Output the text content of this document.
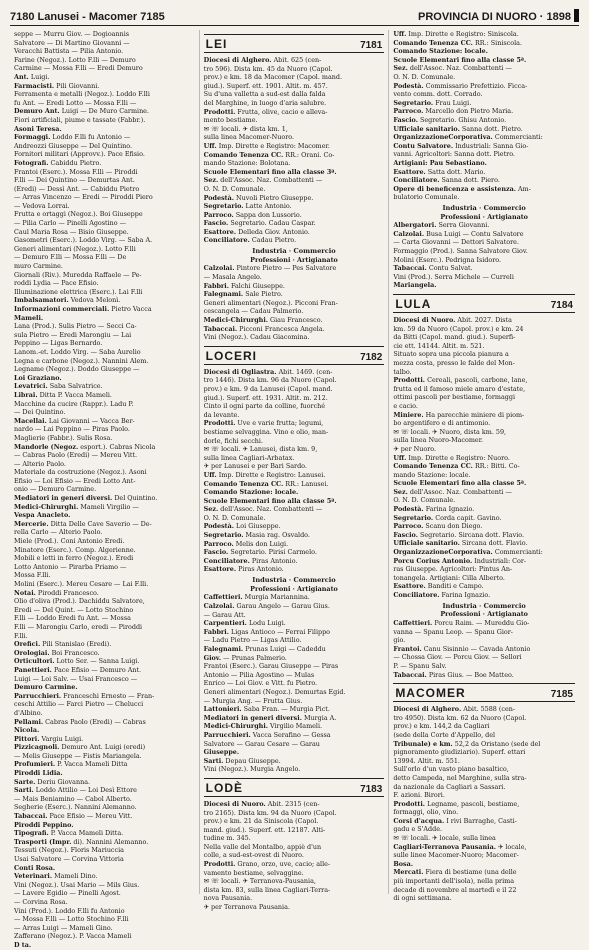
7180 Lanusei - Macomer 7185	PROVINCIA DI NUORO · 1898
seppe — Murru Giov. — Dogioannis
Salvatore — Di Martino Giovanni —
Veracchi Battista — Pilia Antonio.
Farine (Negoz.). Lotto F.lli — Demuro
Carmine — Mossa F.lli — Eredi Demuro
Ant. Luigi.
Farmacisti. Pili Giovanni.
Ferramenta e metalli (Negoz.). Loddo F.lli
fu Ant. — Eredi Lotto — Mossa F.lli —
Demuro Ant. Luigi — De Muro Carmine.
Fiori artificiali, piume e tassate (Fabbr.).
Asoni Teresa.
Formaggi. Loddo F.lli fu Antonio —
Andreozzi Giuseppe — Del Quintino.
Fornitori militari (Approvv.). Pace Efisio.
Fotografi. Cabiddu Pietro.
Frantoi (Eserc.). Mossa F.lli — Piroddi
F.lli — Dei Quintino — Demurtas Ant.
(Eredi) — Dessì Ant. — Cabiddu Pietro
— Arras Vincenzo — Eredi — Piroddi Piero
— Vedova Lorrai.
Frutta e ortaggi (Negoz.). Boi Giuseppe
— Pilia Carlo — Pinelli Agostino —
Caul Maria Rosa — Bisio Giuseppe.
Gasometri (Eserc.). Loddo Virg. — Saba A.
Generi alimentari (Negoz.). Lotto F.lli
— Demuro F.lli — Mossa F.lli — De
muro Carmine.
Giornali (Riv.). Muredda Raffaele — Pe-
roddi Lydia — Pace Efisio.
Illuminazione elettrica (Eserc.). Lai F.lli
Imbalsamatori. Vedova Melonì.
Informazioni commerciali. Pietro Vacca
Mameli.
Lana (Prod.). Sulis Pietro — Secci Ca-
sula Pietro — Eredi Marongiu — Lai
Peppino — Ligas Bernardo.
Lanom.-et. Loddo Virg. — Saba Aurelio
Legna e carbone (Negoz.). Nannini Alem.
Legname (Negoz.). Doddo Giuseppe —
Loi Graziano.
Levatrici. Saba Salvatrice.
Librai. Ditta P. Vacca Mameli.
Macchine da cucire (Rappr.). Ladu P.
— Dei Quintino.
Macellai. Lai Giovanni — Vacca Ber-
nardo — Lai Peppino — Piras Paolo.
Maglierie (Fabbr.). Sulis Rosa.
Mandorle (Negoz. esport.). Cabras Nicola
— Cabras Paolo (Eredi) — Mereu Vitt.
— Alterio Paolo.
Materiale da costruzione (Negoz.). Asoni
Efisio — Loi Efisio — Eredi Lotto Ant-
onio — Demuro Carmine.
Mediatori in generi diversi. Del Quintino.
Medici-Chirurghi. Mameli Virgilio —
Vespa Anacleto.
Mercerie. Ditta Delle Cave Saverio — De-
rella Carlo — Alterio Paolo.
Miele (Prod.). Coni Antonio Eredi.
Minatore (Eserc.). Comp. Algerienne.
Mobili e letti in ferro (Negoz.). Eredi
Lotto Antonio — Pirarba Priamo —
Mossa F.lli.
Molini (Eserc.). Mereu Cesare — Lai F.lli.
Notai. Piroddi Francesco.
Olio d'oliva (Prod.). Dachiddu Salvatore,
Eredi — Del Quint. — Lotto Stochino
F.lli — Loddo Eredi fu Ant. — Mossa
F.lli — Marongiu Carlo, eredi — Piroddi
F.lli.
Orefici. Pili Stanislao (Eredi).
Orologiai. Boi Francesco.
Orticultori. Lotto Ser. — Sanna Luigi.
Panettieri. Pace Efisio — Demuro Ant.
Luigi — Loi Salv. — Usai Francesco —
Demuro Carmine.
Parrucchieri. Franceschi Ernesto — Fran-
ceschi Attilio — Farci Pietro — Chelucci
d'Albino.
Pellami. Cabras Paolo (Eredi) — Cabras
Nicola.
Pittori. Vargiu Luigi.
Pizzicagnoli. Demuro Ant. Luigi (eredi)
— Melis Giuseppe — Fistis Mariangela.
Profumieri. P. Vacca Mameli Ditta
Piroddi Lidia.
Sarte. Deriu Giovanna.
Sarti. Loddo Attilio — Loi Desì Ettore
— Mais Beniamino — Cabol Alberto.
Segherie (Eserc.). Nannini Alemanno.
Tabaccai. Pace Efisio — Mereu Vitt.
Piroddi Peppino.
Tipografi. P. Vacca Mameli Ditta.
Trasporti (Impr. di). Nannini Alemanno.
Tessuti (Negoz.). Floris Mariuccia
Usai Salvatore — Corvina Vittoria
Conti Rosa.
Veterinari. Mameli Dino.
Vini (Negoz.). Usai Mario — Mils Gius.
— Lavere Egidio — Pinelli Agost.
— Corvina Rosa.
Vini (Prod.). Loddo F.lli fu Antonio
— Mossa F.lli — Lotto Stochino F.lli
— Arras Luigi — Mameli Gino.
Zafferano (Negoz.). P. Vacca Mameli
D ta.
LEI	7181
Diocesi di Alghero. Abit. 625 (cen-
tro 596). Dista km. 45 da Nuoro (Capol.
prov.) e km. 18 da Macomer (Capol. mand.
giud.). Superf. ett. 1901. Altit. m. 457.
Su d'una valletta a sud-est dalla falda
del Marghine, in luogo d'aria salubre.
Prodotti. Frutta, olive, cacio e alleva-
mento bestiame.
✉ ☏ locali. ✈ dista km. 1,
sulla linea Macomer-Nuoro.
Uff. Imp. Dirette e Registro: Macomer.
Comando Tenenza CC. RR.: Orani. Co-
mando Stazione: Bolotana.
Scuole Elementari fino alla classe 3ª.
Sez. dell'Assoc. Naz. Combattenti —
O. N. D. Comunale.
Podestà. Nuvoli Pietro Giuseppe.
Segretario. Latte Antonio.
Parroco. Sappa don Lussorio.
Fascio. Segretario. Cadau Caspar.
Esattore. Delleda Giov. Antonio.
Conciliatore. Cadau Pietro.
Industria · Commercio
Professioni · Artigianato
Calzolai. Pintore Pietro — Pes Salvatore
— Masala Angelo.
Fabbri. Falchi Giuseppe.
Falegnami. Sale Pietro.
Generi alimentari (Negoz.). Picconi Fran-
cescangela — Cadau Palmerio.
Medici-Chirurghi. Giau Francesco.
Tabaccai. Picconi Francesca Angela.
Vini (Negoz.). Cadau Giacomina.
LOCERI	7182
Diocesi di Ogliastra. Abit. 1469. (cen-
tro 1446). Dista km. 96 da Nuoro (Capol.
prov.) e km. 9 da Lanusei (Capol. mand.
giud.). Superf. ett. 1931. Altit. m. 212.
Cinto il ogni parte da colline, fuorché
da levante.
Prodotti. Uve e varie frutta; legumi,
bestiame selvaggina. Vino e olio, man-
dorle, fichi secchi.
✉ ☏ locali. ✈ Lanusei, dista km. 9,
sulla linea Cagliari-Arbatax.
✈ per Lanusei e per Bari Sardo.
Uff. Imp. Dirette e Registro: Lanusei.
Comando Tenenza CC. RR.: Lanusei.
Comando Stazione: locale.
Scuole Elementari fino alla classe 5ª.
Sez. dell'Assoc. Naz. Combattenti —
O. N. D. Comunale.
Podestà. Loi Giuseppe.
Segretario. Masia rag. Osvaldo.
Parroco. Melis don Luigi.
Fascio. Segretario. Pirisi Carmelo.
Conciliatore. Piras Antonio.
Esattore. Piras Antonio.
Industria · Commercio
Professioni · Artigianato
Caffettieri. Murgia Mariannina.
Calzolai. Garau Angelo — Garau Gius.
— Garau Att.
Carpentieri. Lodu Luigi.
Fabbri. Ligas Antioco — Ferrai Filippo
— Ladu Pietro — Ligas Attilio.
Falegnami. Prunas Luigi — Cadeddu
Giov. — Prunas Palmerio.
Frantoi (Eserc.). Garau Giuseppe — Piras
Antonio — Pilia Agostino — Mulas
Enrico — Loi Giov. e Vitt. fu Pietro.
Generi alimentari (Negoz.). Demurtas Egid.
— Murgia Ang. — Frutta Gius.
Lattonieri. Saba Fran. — Murgia Pict.
Mediatori in generi diversi. Murgia A.
Medici-Chirurghi. Virgilio Mameli.
Parrucchieri. Vacca Serafino — Gessa
Salvatore — Garau Cesare — Garau
Giuseppe.
Sarti. Depau Giuseppe.
Vini (Negoz.). Murgia Angelo.
LODÈ	7183
Diocesi di Nuoro. Abit. 2315 (cen-
tro 2165). Dista km. 94 da Nuoro (Capol.
prov.) e km. 21 da Siniscola (Capol.
mand. giud.). Superf. ett. 12187. Alti-
tudine m. 345.
Nella valle del Montalbo, appiè d'un
colle, a sud-est-ovest di Nuoro.
Prodotti. Grano, orzo, uve, cacio; alle-
vamento bestiame, selvaggine.
✉ ☏ locali. ✈ Terranova-Pausania,
dista km. 83, sulla linea Cagliari-Terra-
nova Pausania.
✈ per Terranova Pausania.
Uff. Imp. Dirette e Registro: Siniscola.
Comando Tenenza CC. RR.: Siniscola.
Comando Stazione: locale.
Scuole Elementari fino alla classe 5ª.
Sez. dell'Assoc. Naz. Combattenti —
O. N. D. Comunale.
Podestà. Commissario Prefettizio. Ficca-
vento comm. dott. Corrado.
Segretario. Frau Luigi.
Parroco. Marcello don Pietro Maria.
Fascio. Segretario. Ghisu Antonio.
Ufficiale sanitario. Sanna dott. Pietro.
OrganizzazioneCorporativa. Commercianti:
Contu Salvatore. Industriali: Sanna Gio-
vanni. Agricoltori: Sanna dott. Pietro.
Artigiani: Pau Sebastiano.
Esattore. Satta dott. Mario.
Conciliatore. Sanna dott. Piero.
Opere di beneficenza e assistenza. Am-
bulatorio Comunale.
Industria · Commercio
Professioni · Artigianato
Albergatori. Serra Giovanni.
Calzolai. Busa Luigi — Contu Salvatore
— Carta Giovanni — Dettori Salvatore.
Formaggio (Prod.). Sanna Salvatore Giov.
Molini (Eserc.). Pedrigna Isidoro.
Tabaccai. Contu Salvat.
Vini (Prod.). Serra Michele — Curreli
Mariangela.
LULA	7184
Diocesi di Nuoro. Abit. 2027. Dista
km. 59 da Nuoro (Capol. prov.) e km. 24
da Bitti (Capol. mand. giud.). Superfi-
cie ett. 14144. Altit. m. 521.
Situato sopra una piccola pianura a
mezza costa, presso le falde del Mon-
talbo.
Prodotti. Cereali, pascoli, carbone, lane,
frutta ed il famoso miele amaro d'estate,
ottimi pascoli per bestiame, formaggi
e cacio.
Miniere. Ha parecchie miniere di piom-
bo argentifero e di antimonio.
✉ ☏ locali. ✈ Nuoro, dista km. 59,
sulla linea Nuoro-Macomer.
✈ per Nuoro.
Uff. Imp. Dirette e Registro: Nuoro.
Comando Tenenza CC. RR.: Bitti. Co-
mando Stazione: locale.
Scuole Elementari fino alla classe 5ª.
Sez. dell'Assoc. Naz. Combattenti —
O. N. D. Comunale.
Podestà. Farina Ignazio.
Segretario. Corda capit. Gavino.
Parroco. Scanu don Diego.
Fascio. Segretario. Sircana dott. Flavio.
Ufficiale sanitario. Sircana dott. Flavio.
OrganizzazioneCorporativa. Commercianti:
Porcu Corius Antonio. Industriali: Cor-
ras Giuseppe. Agricoltori: Pintus An-
tonangela. Artigiani: Cilla Alberto.
Esattore. Banditi e Campo.
Conciliatore. Farina Ignazio.
Industria · Commercio
Professioni · Artigianato
Caffettieri. Porcu Raim. — Mureddu Gio-
vanna — Spanu Leop. — Spanu Gior-
gio.
Frantoi. Canu Sisinnio — Cavada Antonio
— Chossa Giov. — Porcu Giov. — Sellori
P. — Spanu Salv.
Tabaccai. Piras Gius. — Boe Matteo.
MACOMER	7185
Diocesi di Alghero. Abit. 5588 (cen-
tro 4950). Dista km. 62 da Nuoro (Capol.
prov.) e km. 144,2 da Cagliari
(sede della Corte d'Appello, del
Tribunale) e km. 52,2 da Oristano (sede del
pignoramento giudiziario). Superf. ettari
13994. Altit. m. 551.
Sull'orlo d'un vasto piano basaltico,
detto Campeda, nel Marghine, sulla stra-
da nazionale da Cagliari a Sassari.
F. azioni. Birori.
Prodotti. Legname, pascoli, bestiame,
formaggi, olio, vino.
Corsi d'acqua. I rivi Barraghe, Casti-
gadu e S'Adde.
✉ ☏ locali. ✈ locale, sulla linea
Cagliari-Terranova Pausania. ✈ locale,
sulle linee Macomer-Nuoro; Macomer-
Bosa.
Mercati. Fiera di bestiame (una delle
più importanti dell'isola), nella prima
decade di novembre al martedì e il 22
di ogni settimana.
